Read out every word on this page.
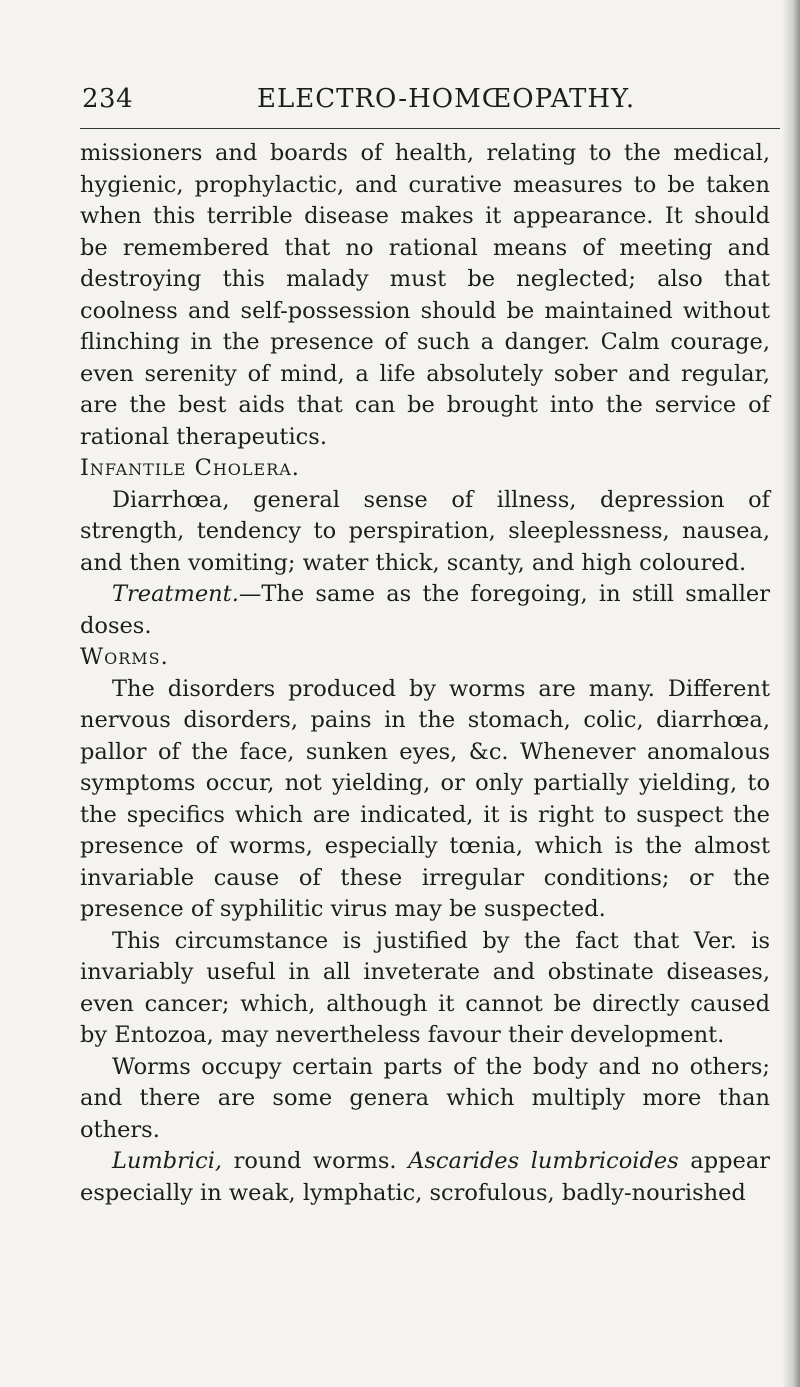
234	ELECTRO-HOMŒOPATHY.

missioners and boards of health, relating to the medical, hygienic, prophylactic, and curative measures to be taken when this terrible disease makes it appearance. It should be remembered that no rational means of meeting and destroying this malady must be neglected; also that coolness and self-possession should be maintained without flinching in the presence of such a danger. Calm courage, even serenity of mind, a life absolutely sober and regular, are the best aids that can be brought into the service of rational therapeutics.

Infantile Cholera.

Diarrhœa, general sense of illness, depression of strength, tendency to perspiration, sleeplessness, nausea, and then vomiting; water thick, scanty, and high coloured.

Treatment.—The same as the foregoing, in still smaller doses.

Worms.

The disorders produced by worms are many. Different nervous disorders, pains in the stomach, colic, diarrhœa, pallor of the face, sunken eyes, &c. Whenever anomalous symptoms occur, not yielding, or only partially yielding, to the specifics which are indicated, it is right to suspect the presence of worms, especially tœnia, which is the almost invariable cause of these irregular conditions; or the presence of syphilitic virus may be suspected.

This circumstance is justified by the fact that Ver. is invariably useful in all inveterate and obstinate diseases, even cancer; which, although it cannot be directly caused by Entozoa, may nevertheless favour their development.

Worms occupy certain parts of the body and no others; and there are some genera which multiply more than others.

Lumbrici, round worms. Ascarides lumbricoides appear especially in weak, lymphatic, scrofulous, badly-nourished
